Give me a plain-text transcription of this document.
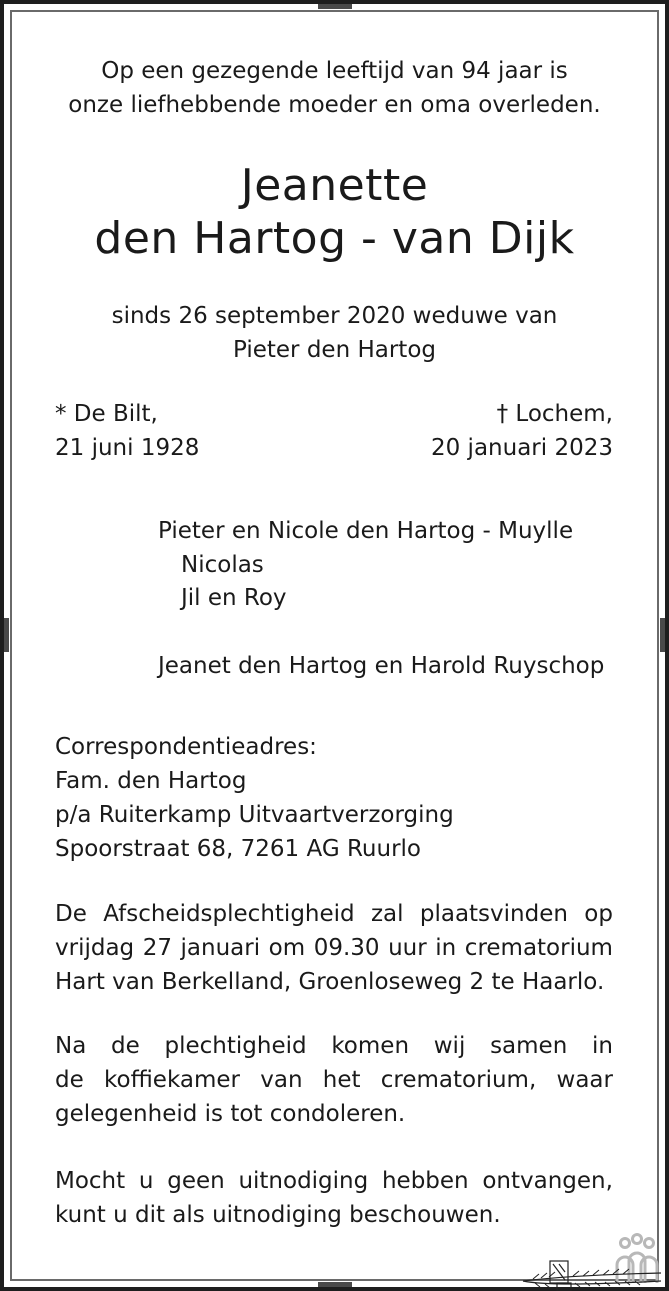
Op een gezegende leeftijd van 94 jaar is
onze liefhebbende moeder en oma overleden.
Jeanette
den Hartog - van Dijk
sinds 26 september 2020 weduwe van
Pieter den Hartog
* De Bilt,
21 juni 1928
† Lochem,
20 januari 2023
Pieter en Nicole den Hartog - Muylle
Nicolas
Jil en Roy
Jeanet den Hartog en Harold Ruyschop
Correspondentieadres:
Fam. den Hartog
p/a Ruiterkamp Uitvaartverzorging
Spoorstraat 68, 7261 AG Ruurlo
De Afscheidsplechtigheid zal plaatsvinden op
vrijdag 27 januari om 09.30 uur in crematorium
Hart van Berkelland, Groenloseweg 2 te Haarlo.
Na de plechtigheid komen wij samen in
de koffiekamer van het crematorium, waar
gelegenheid is tot condoleren.
Mocht u geen uitnodiging hebben ontvangen,
kunt u dit als uitnodiging beschouwen.
